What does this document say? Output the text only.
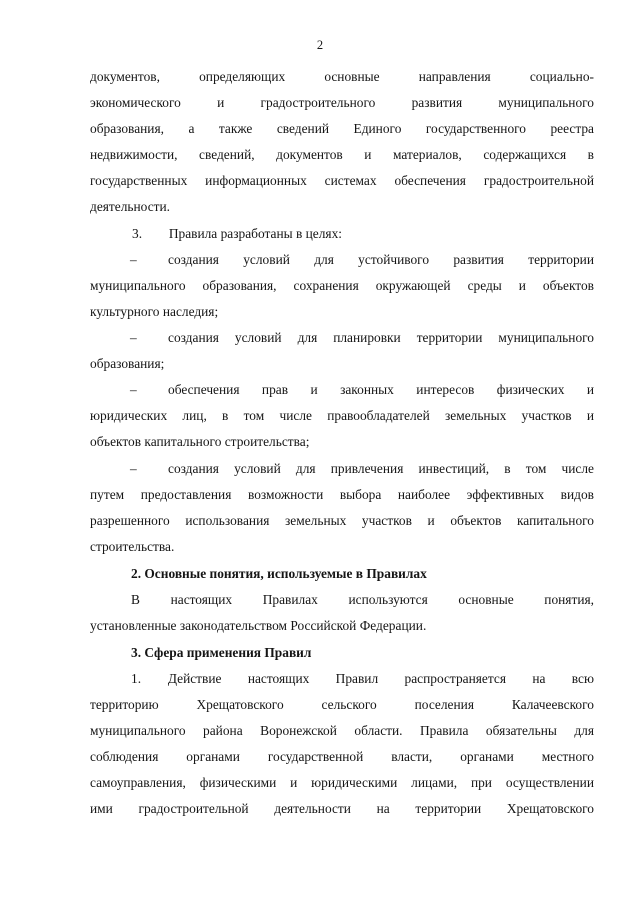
2
документов, определяющих основные направления социально-
экономического и градостроительного развития муниципального
образования, а также сведений Единого государственного реестра
недвижимости, сведений, документов и материалов, содержащихся в
государственных информационных системах обеспечения градостроительной
деятельности.
3.  Правила разработаны в целях:
– создания условий для устойчивого развития территории
муниципального образования, сохранения окружающей среды и объектов
культурного наследия;
– создания условий для планировки территории муниципального
образования;
– обеспечения прав и законных интересов физических и
юридических лиц, в том числе правообладателей земельных участков и
объектов капитального строительства;
– создания условий для привлечения инвестиций, в том числе
путем предоставления возможности выбора наиболее эффективных видов
разрешенного использования земельных участков и объектов капитального
строительства.
2. Основные понятия, используемые в Правилах
В настоящих Правилах используются основные понятия,
установленные законодательством Российской Федерации.
3. Сфера применения Правил
1.  Действие настоящих Правил распространяется на всю
территорию Хрещатовского сельского поселения Калачеевского
муниципального района Воронежской области. Правила обязательны для
соблюдения органами государственной власти, органами местного
самоуправления, физическими и юридическими лицами, при осуществлении
ими градостроительной деятельности на территории Хрещатовского
